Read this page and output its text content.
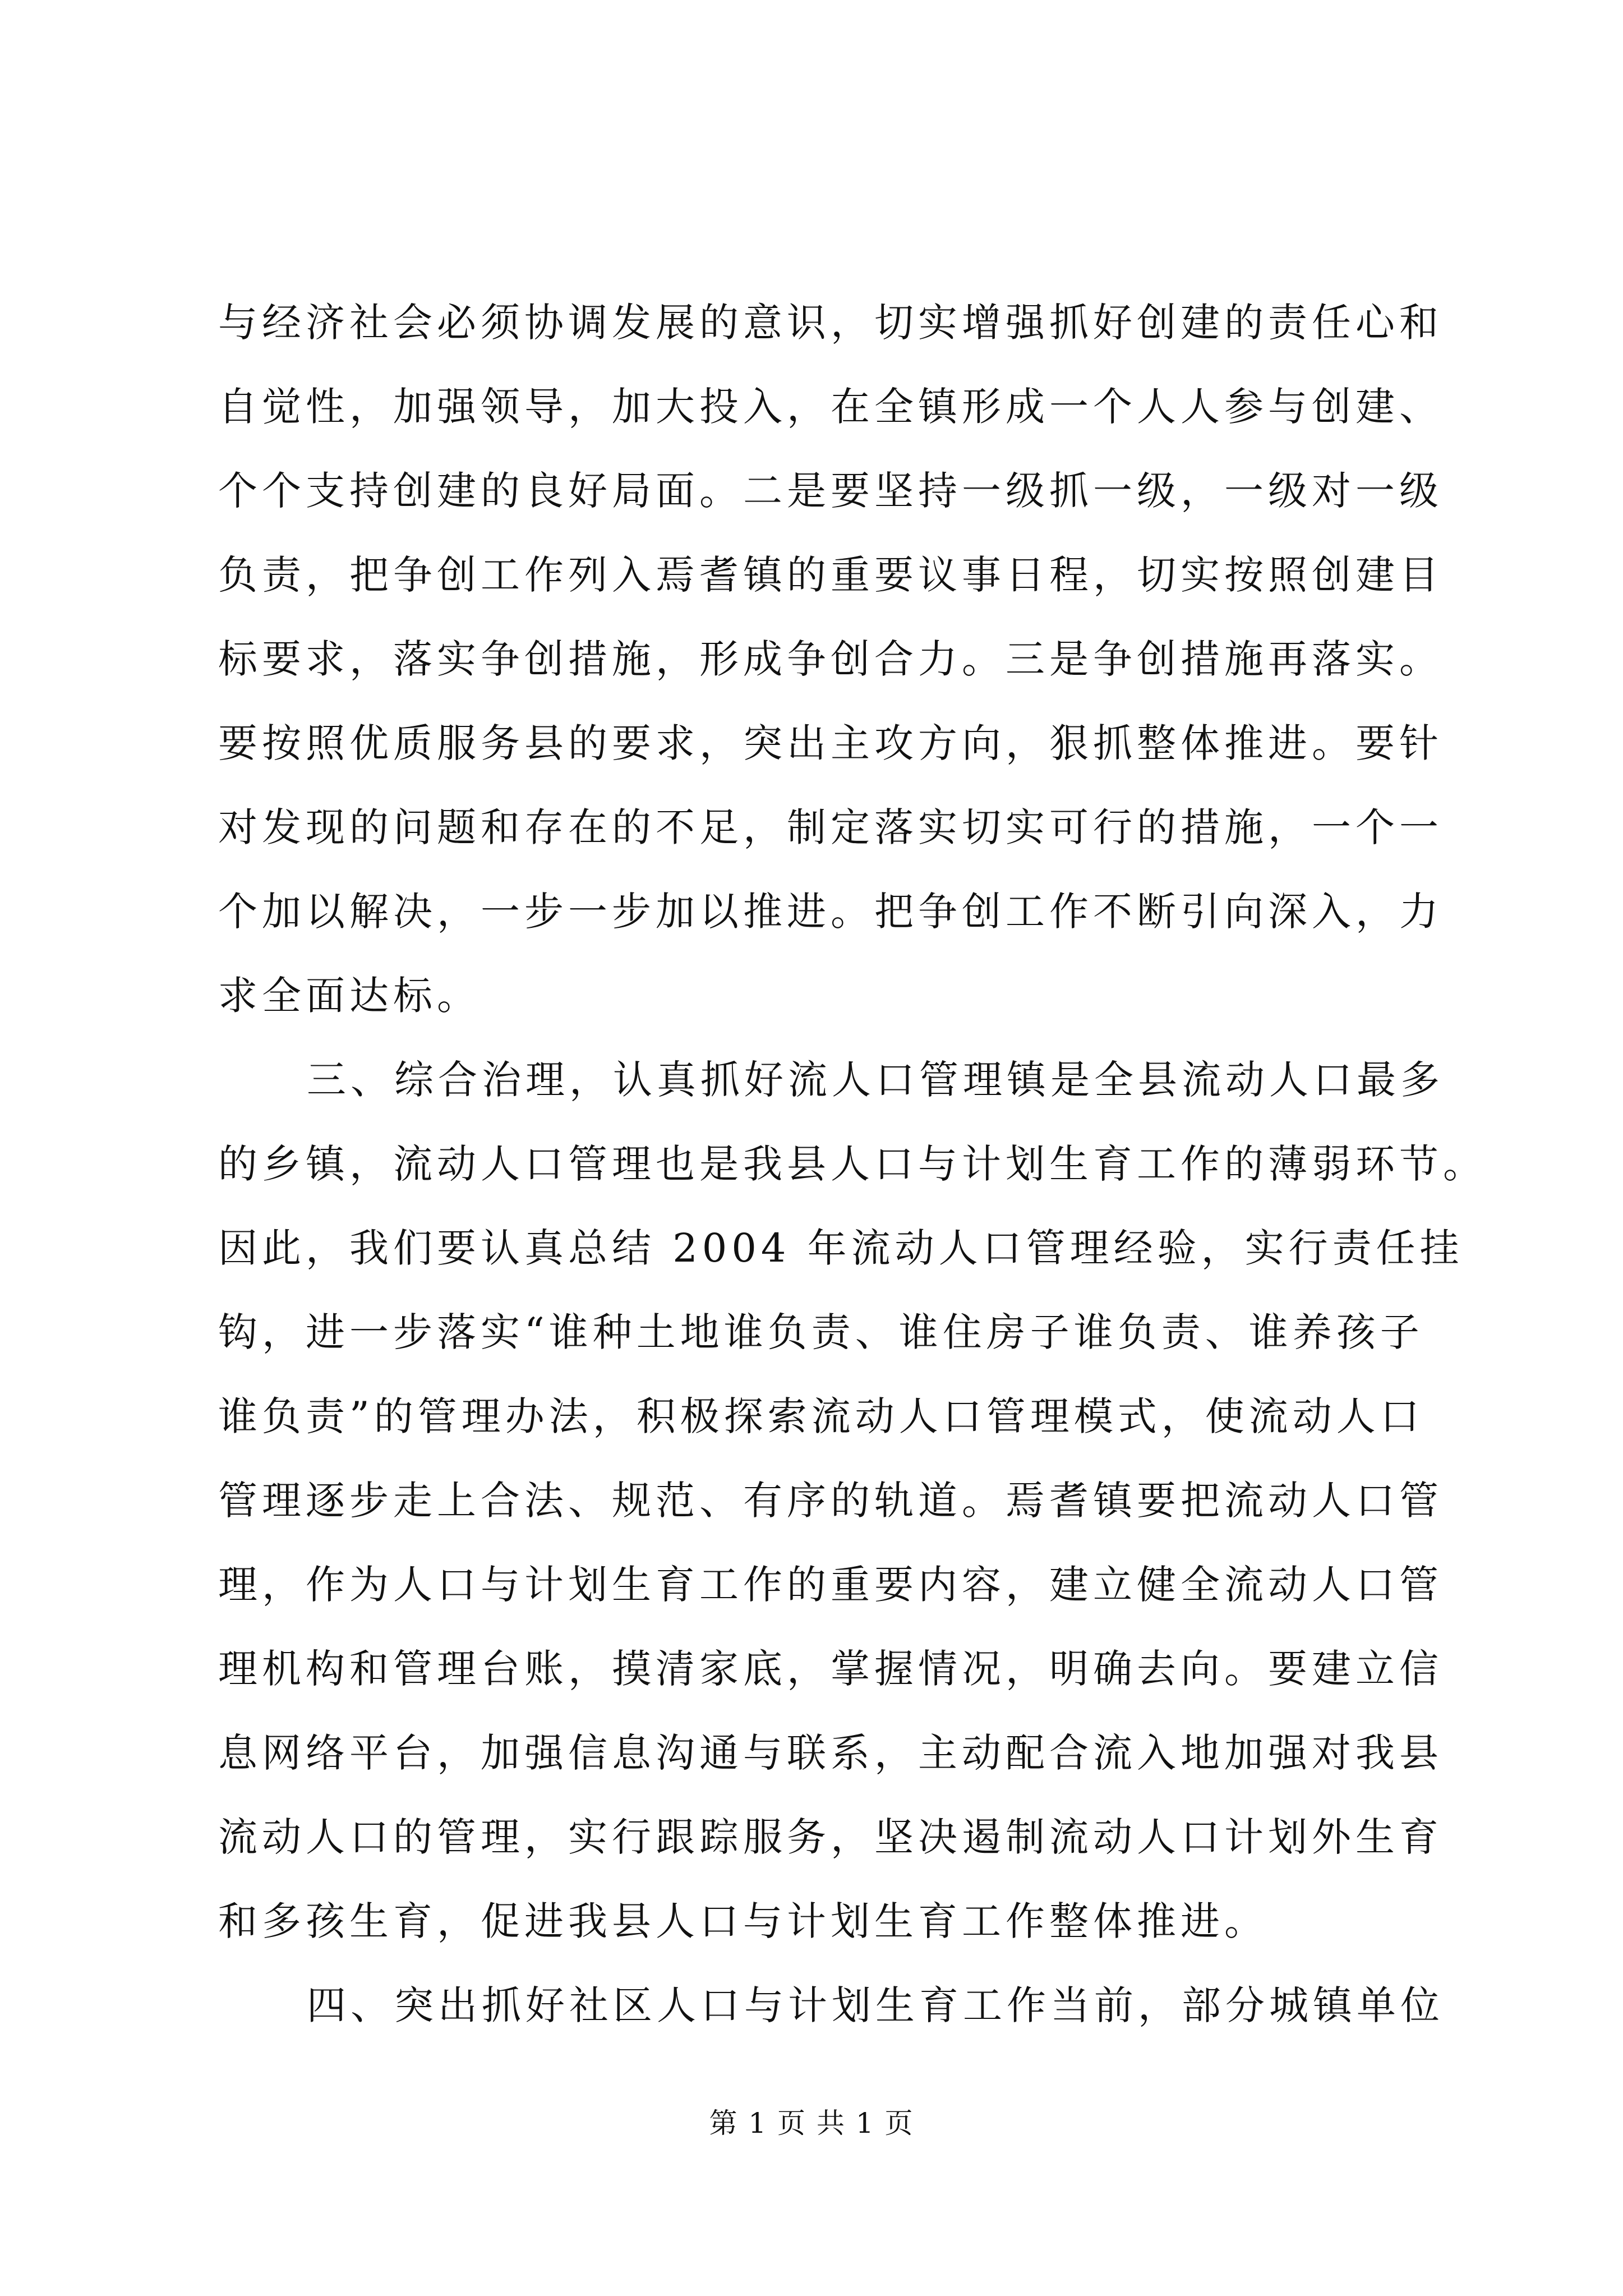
与经济社会必须协调发展的意识，切实增强抓好创建的责任心和
自觉性，加强领导，加大投入，在全镇形成一个人人参与创建、
个个支持创建的良好局面。二是要坚持一级抓一级，一级对一级
负责，把争创工作列入焉耆镇的重要议事日程，切实按照创建目
标要求，落实争创措施，形成争创合力。三是争创措施再落实。
要按照优质服务县的要求，突出主攻方向，狠抓整体推进。要针
对发现的问题和存在的不足，制定落实切实可行的措施，一个一
个加以解决，一步一步加以推进。把争创工作不断引向深入，力
求全面达标。
三、综合治理，认真抓好流人口管理镇是全县流动人口最多
的乡镇，流动人口管理也是我县人口与计划生育工作的薄弱环节。
因此，我们要认真总结 2004 年流动人口管理经验，实行责任挂
钩，进一步落实“谁种土地谁负责、谁住房子谁负责、谁养孩子
谁负责”的管理办法，积极探索流动人口管理模式，使流动人口
管理逐步走上合法、规范、有序的轨道。焉耆镇要把流动人口管
理，作为人口与计划生育工作的重要内容，建立健全流动人口管
理机构和管理台账，摸清家底，掌握情况，明确去向。要建立信
息网络平台，加强信息沟通与联系，主动配合流入地加强对我县
流动人口的管理，实行跟踪服务，坚决遏制流动人口计划外生育
和多孩生育，促进我县人口与计划生育工作整体推进。
四、突出抓好社区人口与计划生育工作当前，部分城镇单位
第 1 页 共 1 页
